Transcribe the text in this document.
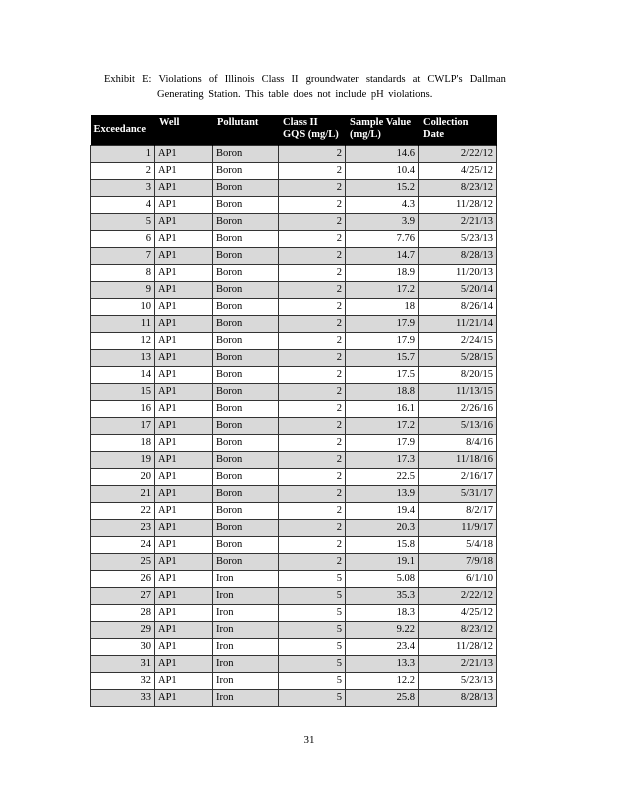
Exhibit E: Violations of Illinois Class II groundwater standards at CWLP's Dallman
Generating Station. This table does not include pH violations.
Exceedance	Well	Pollutant	Class II GQS (mg/L)	Sample Value (mg/L)	Collection Date
1	AP1	Boron	2	14.6	2/22/12
2	AP1	Boron	2	10.4	4/25/12
3	AP1	Boron	2	15.2	8/23/12
4	AP1	Boron	2	4.3	11/28/12
5	AP1	Boron	2	3.9	2/21/13
6	AP1	Boron	2	7.76	5/23/13
7	AP1	Boron	2	14.7	8/28/13
8	AP1	Boron	2	18.9	11/20/13
9	AP1	Boron	2	17.2	5/20/14
10	AP1	Boron	2	18	8/26/14
11	AP1	Boron	2	17.9	11/21/14
12	AP1	Boron	2	17.9	2/24/15
13	AP1	Boron	2	15.7	5/28/15
14	AP1	Boron	2	17.5	8/20/15
15	AP1	Boron	2	18.8	11/13/15
16	AP1	Boron	2	16.1	2/26/16
17	AP1	Boron	2	17.2	5/13/16
18	AP1	Boron	2	17.9	8/4/16
19	AP1	Boron	2	17.3	11/18/16
20	AP1	Boron	2	22.5	2/16/17
21	AP1	Boron	2	13.9	5/31/17
22	AP1	Boron	2	19.4	8/2/17
23	AP1	Boron	2	20.3	11/9/17
24	AP1	Boron	2	15.8	5/4/18
25	AP1	Boron	2	19.1	7/9/18
26	AP1	Iron	5	5.08	6/1/10
27	AP1	Iron	5	35.3	2/22/12
28	AP1	Iron	5	18.3	4/25/12
29	AP1	Iron	5	9.22	8/23/12
30	AP1	Iron	5	23.4	11/28/12
31	AP1	Iron	5	13.3	2/21/13
32	AP1	Iron	5	12.2	5/23/13
33	AP1	Iron	5	25.8	8/28/13
31
